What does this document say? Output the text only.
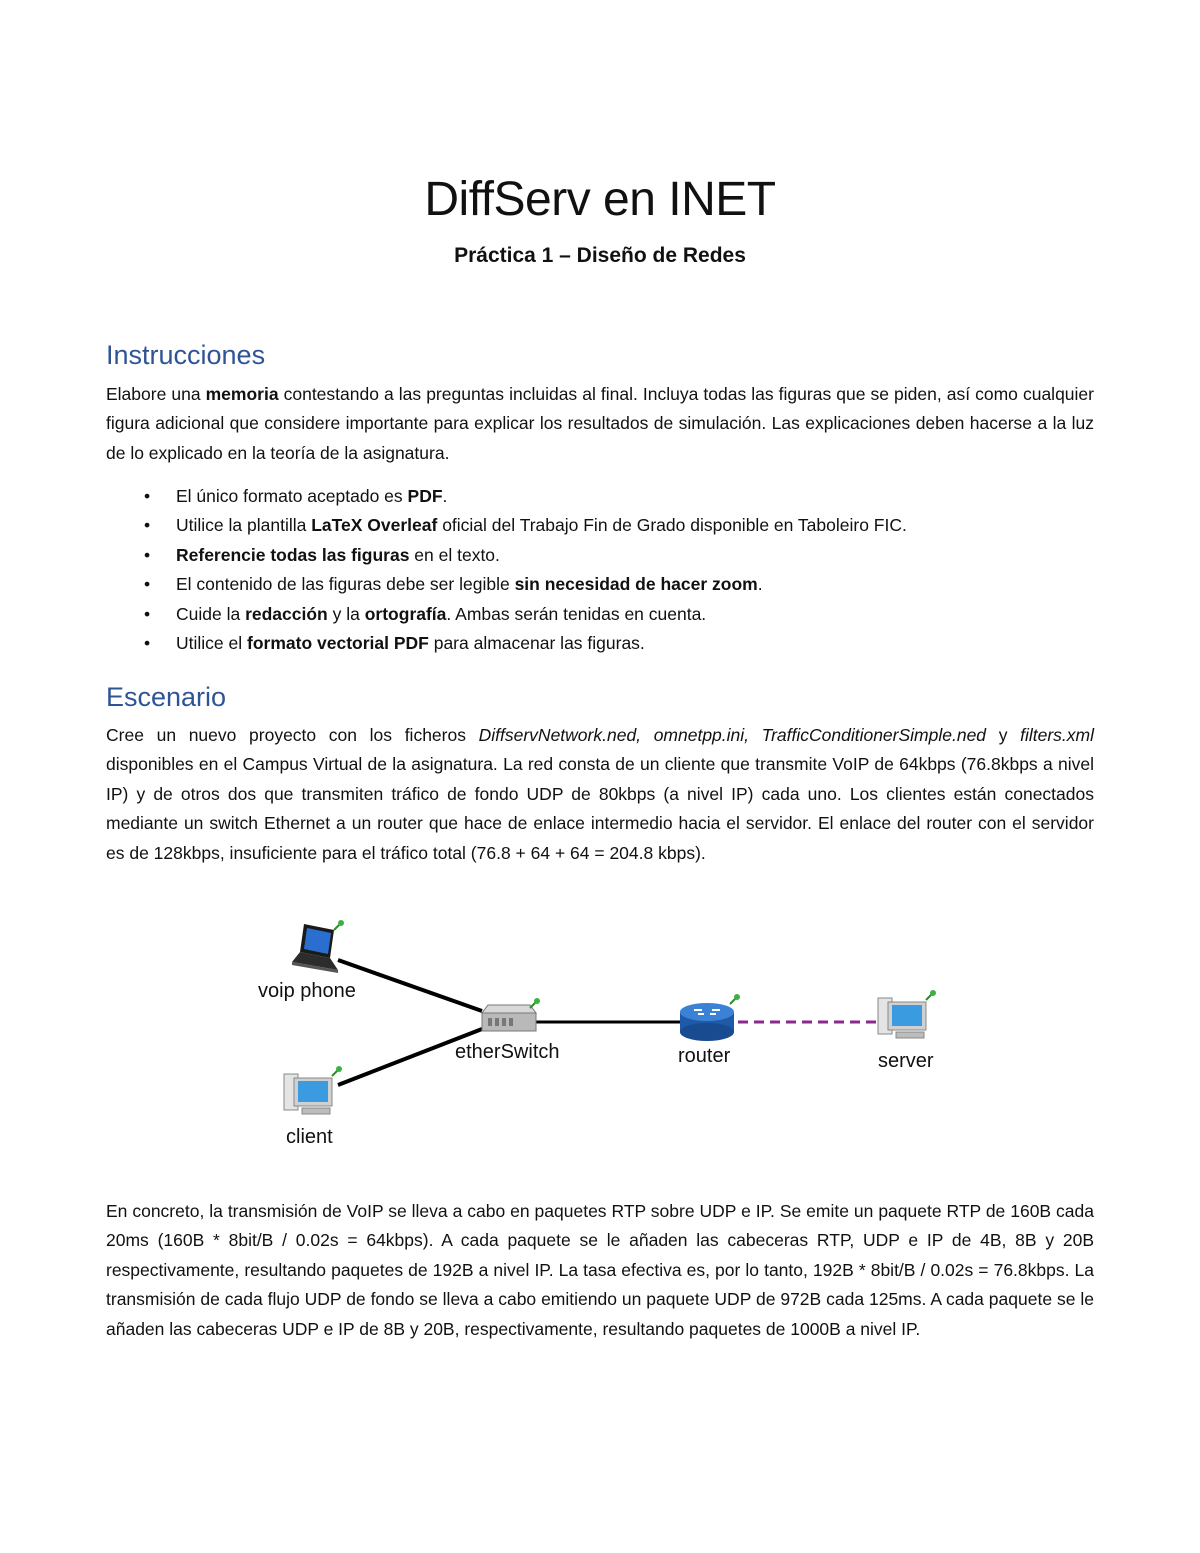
DiffServ en INET
Práctica 1 – Diseño de Redes
Instrucciones

Elabore una memoria contestando a las preguntas incluidas al final. Incluya todas las figuras que se piden, así como cualquier figura adicional que considere importante para explicar los resultados de simulación. Las explicaciones deben hacerse a la luz de lo explicado en la teoría de la asignatura.

• El único formato aceptado es PDF.
• Utilice la plantilla LaTeX Overleaf oficial del Trabajo Fin de Grado disponible en Taboleiro FIC.
• Referencie todas las figuras en el texto.
• El contenido de las figuras debe ser legible sin necesidad de hacer zoom.
• Cuide la redacción y la ortografía. Ambas serán tenidas en cuenta.
• Utilice el formato vectorial PDF para almacenar las figuras.
Escenario

Cree un nuevo proyecto con los ficheros DiffservNetwork.ned, omnetpp.ini, TrafficConditionerSimple.ned y filters.xml disponibles en el Campus Virtual de la asignatura. La red consta de un cliente que transmite VoIP de 64kbps (76.8kbps a nivel IP) y de otros dos que transmiten tráfico de fondo UDP de 80kbps (a nivel IP) cada uno. Los clientes están conectados mediante un switch Ethernet a un router que hace de enlace intermedio hacia el servidor. El enlace del router con el servidor es de 128kbps, insuficiente para el tráfico total (76.8 + 64 + 64 = 204.8 kbps).

voip phone
etherSwitch	router	server
client

En concreto, la transmisión de VoIP se lleva a cabo en paquetes RTP sobre UDP e IP. Se emite un paquete RTP de 160B cada 20ms (160B * 8bit/B / 0.02s = 64kbps). A cada paquete se le añaden las cabeceras RTP, UDP e IP de 4B, 8B y 20B respectivamente, resultando paquetes de 192B a nivel IP. La tasa efectiva es, por lo tanto, 192B * 8bit/B / 0.02s = 76.8kbps. La transmisión de cada flujo UDP de fondo se lleva a cabo emitiendo un paquete UDP de 972B cada 125ms. A cada paquete se le añaden las cabeceras UDP e IP de 8B y 20B, respectivamente, resultando paquetes de 1000B a nivel IP.
